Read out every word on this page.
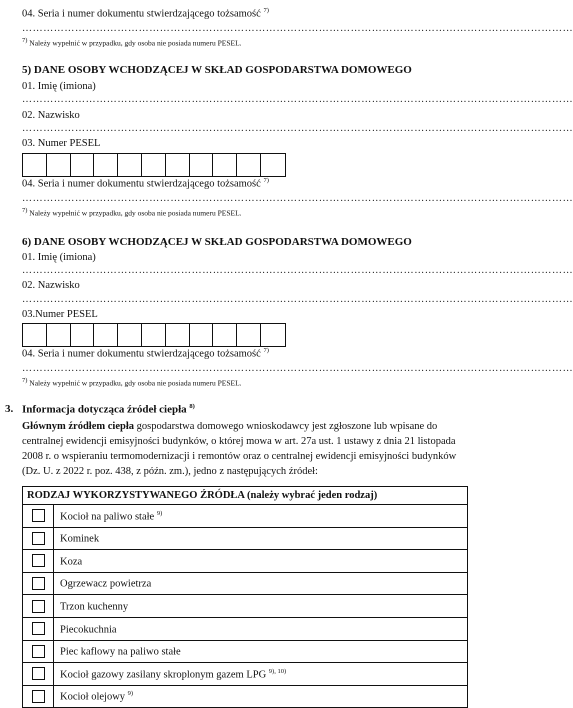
04. Seria i numer dokumentu stwierdzającego tożsamość $^{7)}$
…………………………………………………………………………………………………………………………………………
$^{7)}$ Należy wypełnić w przypadku, gdy osoba nie posiada numeru PESEL.
5) DANE OSOBY WCHODZĄCEJ W SKŁAD GOSPODARSTWA DOMOWEGO
01. Imię (imiona)
…………………………………………………………………………………………………………………………………………
02. Nazwisko
…………………………………………………………………………………………………………………………………………
03. Numer PESEL
04. Seria i numer dokumentu stwierdzającego tożsamość $^{7)}$
…………………………………………………………………………………………………………………………………………
$^{7)}$ Należy wypełnić w przypadku, gdy osoba nie posiada numeru PESEL.
6) DANE OSOBY WCHODZĄCEJ W SKŁAD GOSPODARSTWA DOMOWEGO
01. Imię (imiona)
…………………………………………………………………………………………………………………………………………
02. Nazwisko
…………………………………………………………………………………………………………………………………………
03.Numer PESEL
04. Seria i numer dokumentu stwierdzającego tożsamość $^{7)}$
…………………………………………………………………………………………………………………………………………
$^{7)}$ Należy wypełnić w przypadku, gdy osoba nie posiada numeru PESEL.
3. Informacja dotycząca źródeł ciepła $^{8)}$
Głównym źródłem ciepła gospodarstwa domowego wnioskodawcy jest zgłoszone lub wpisane do
centralnej ewidencji emisyjności budynków, o której mowa w art. 27a ust. 1 ustawy z dnia 21 listopada
2008 r. o wspieraniu termomodernizacji i remontów oraz o centralnej ewidencji emisyjności budynków
(Dz. U. z 2022 r. poz. 438, z późn. zm.), jedno z następujących źródeł:
RODZAJ WYKORZYSTYWANEGO ŹRÓDŁA (należy wybrać jeden rodzaj)	
	Kocioł na paliwo stałe $^{9)}$
	Kominek
	Koza
	Ogrzewacz powietrza
	Trzon kuchenny
	Piecokuchnia
	Piec kaflowy na paliwo stałe
	Kocioł gazowy zasilany skroplonym gazem LPG $^{9), 10)}$
	Kocioł olejowy $^{9)}$
